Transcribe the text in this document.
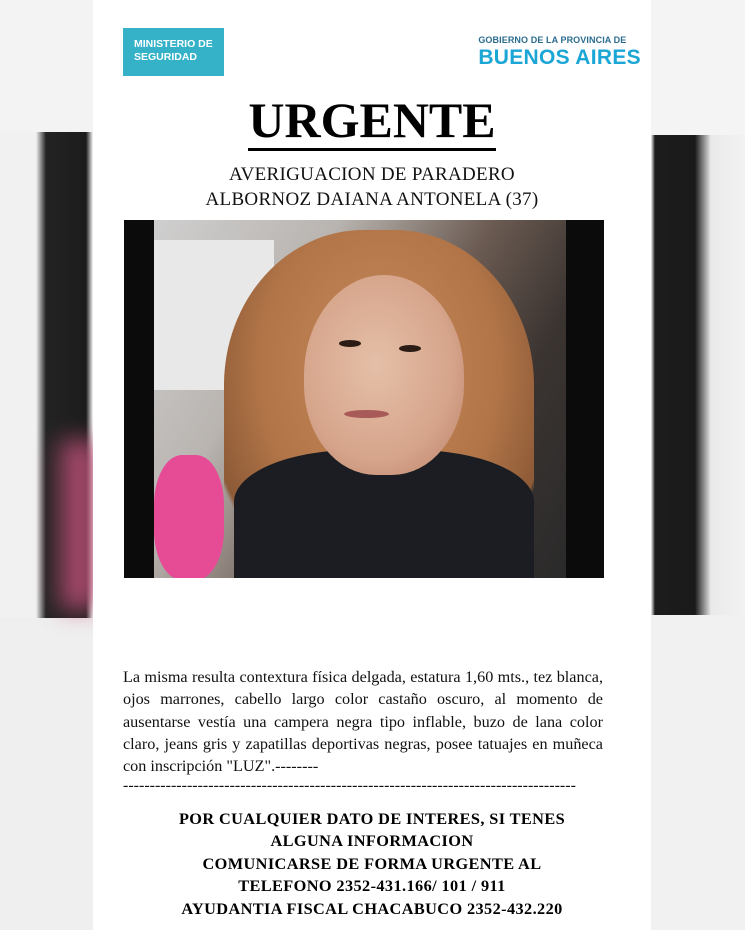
MINISTERIO DE
SEGURIDAD
GOBIERNO DE LA PROVINCIA DE
BUENOS AIRES
URGENTE
AVERIGUACION DE PARADERO
ALBORNOZ DAIANA ANTONELA (37)
La misma resulta contextura física delgada, estatura 1,60 mts., tez blanca, ojos marrones, cabello largo color castaño oscuro, al momento de ausentarse vestía una campera negra tipo inflable, buzo de lana color claro, jeans gris y zapatillas deportivas negras, posee tatuajes en muñeca con inscripción "LUZ".--------
-------------------------------------------------------------------------------------
POR CUALQUIER DATO DE INTERES, SI TENES
ALGUNA INFORMACION
COMUNICARSE DE FORMA URGENTE AL
TELEFONO 2352-431.166/ 101 / 911
AYUDANTIA FISCAL CHACABUCO 2352-432.220
